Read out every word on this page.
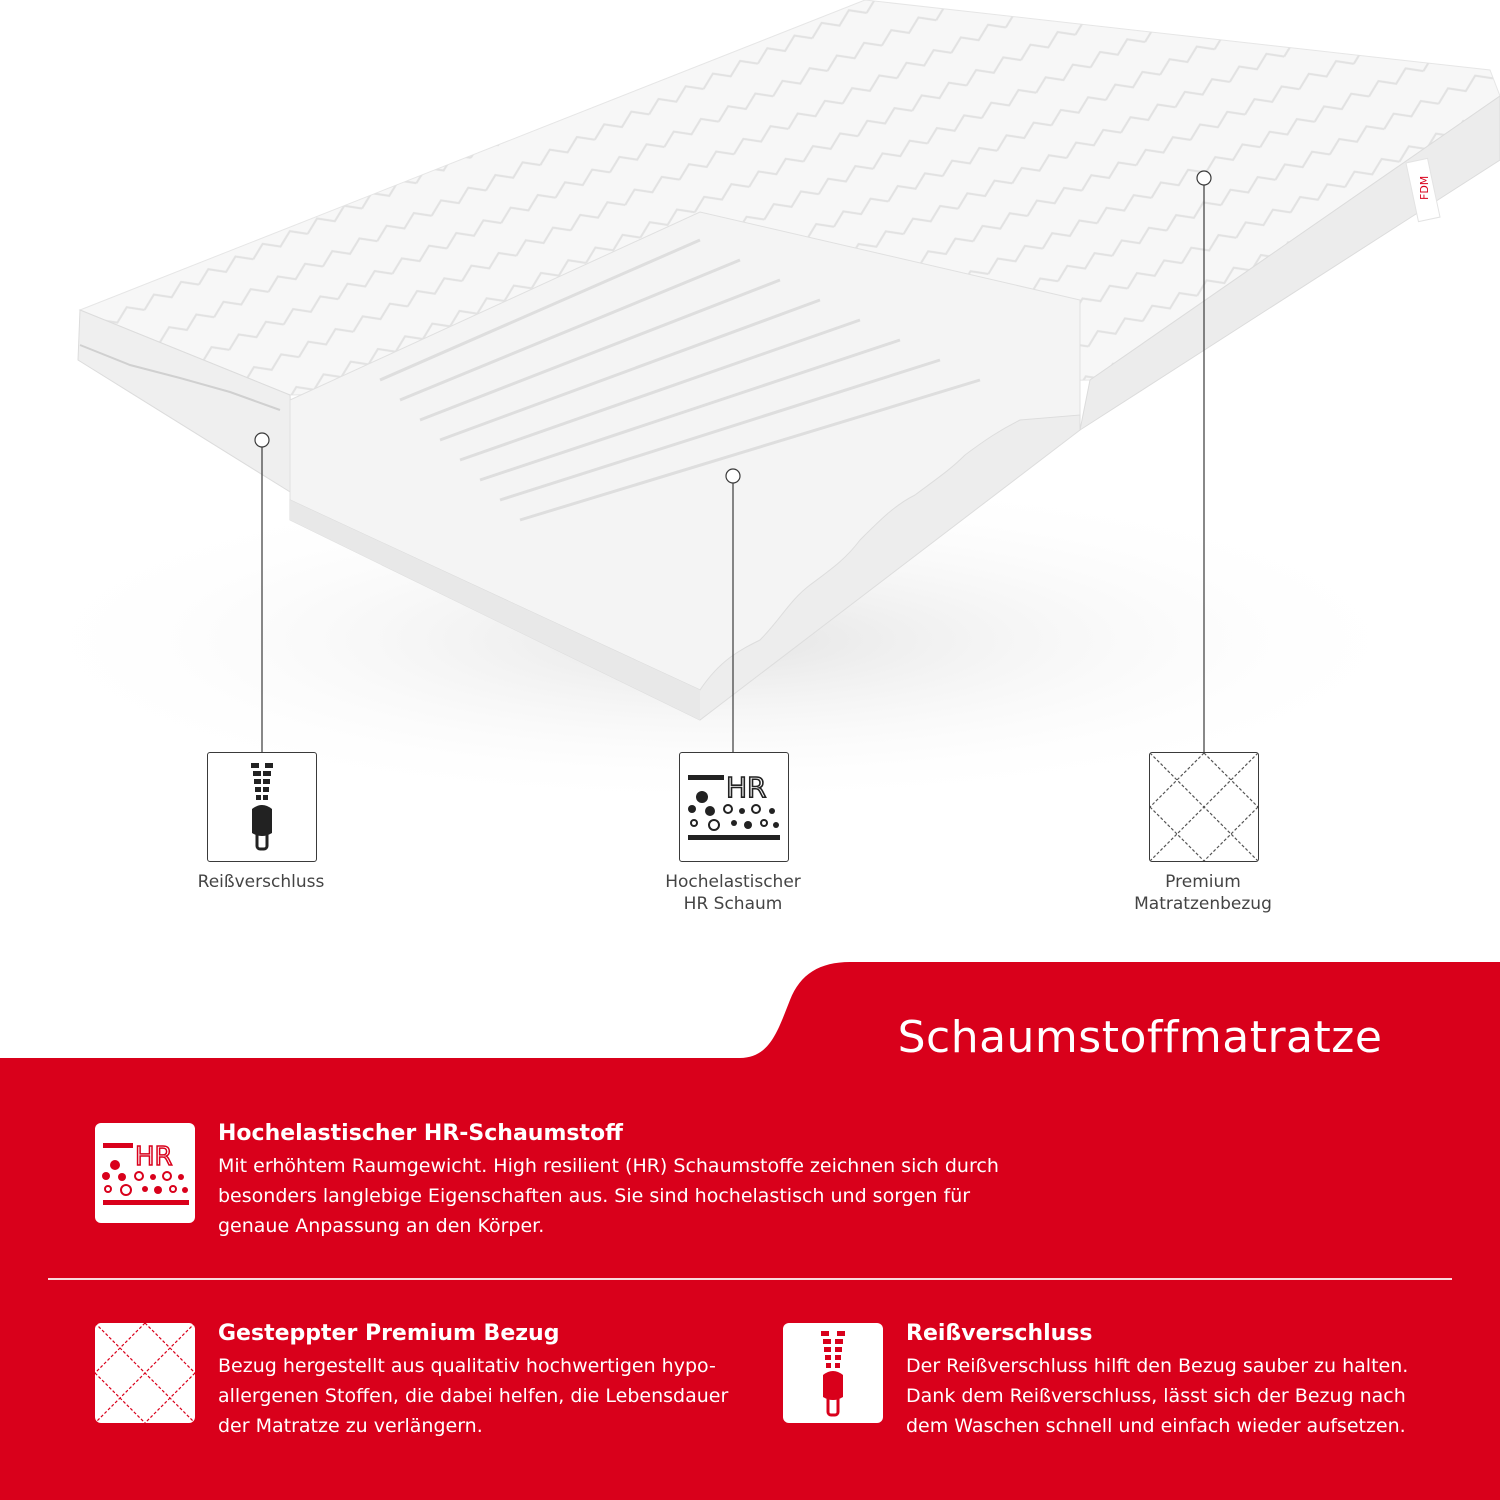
FDM
HR
Reißverschluss	Hochelastischer
HR Schaum
Premium
Matratzenbezug
Schaumstoffmatratze
HR
Hochelastischer HR-Schaumstoff
Mit erhöhtem Raumgewicht. High resilient (HR) Schaumstoffe zeichnen sich durch
besonders langlebige Eigenschaften aus. Sie sind hochelastisch und sorgen für
genaue Anpassung an den Körper.
Gesteppter Premium Bezug
Bezug hergestellt aus qualitativ hochwertigen hypo-
allergenen Stoffen, die dabei helfen, die Lebensdauer
der Matratze zu verlängern.
Reißverschluss
Der Reißverschluss hilft den Bezug sauber zu halten.
Dank dem Reißverschluss, lässt sich der Bezug nach
dem Waschen schnell und einfach wieder aufsetzen.
